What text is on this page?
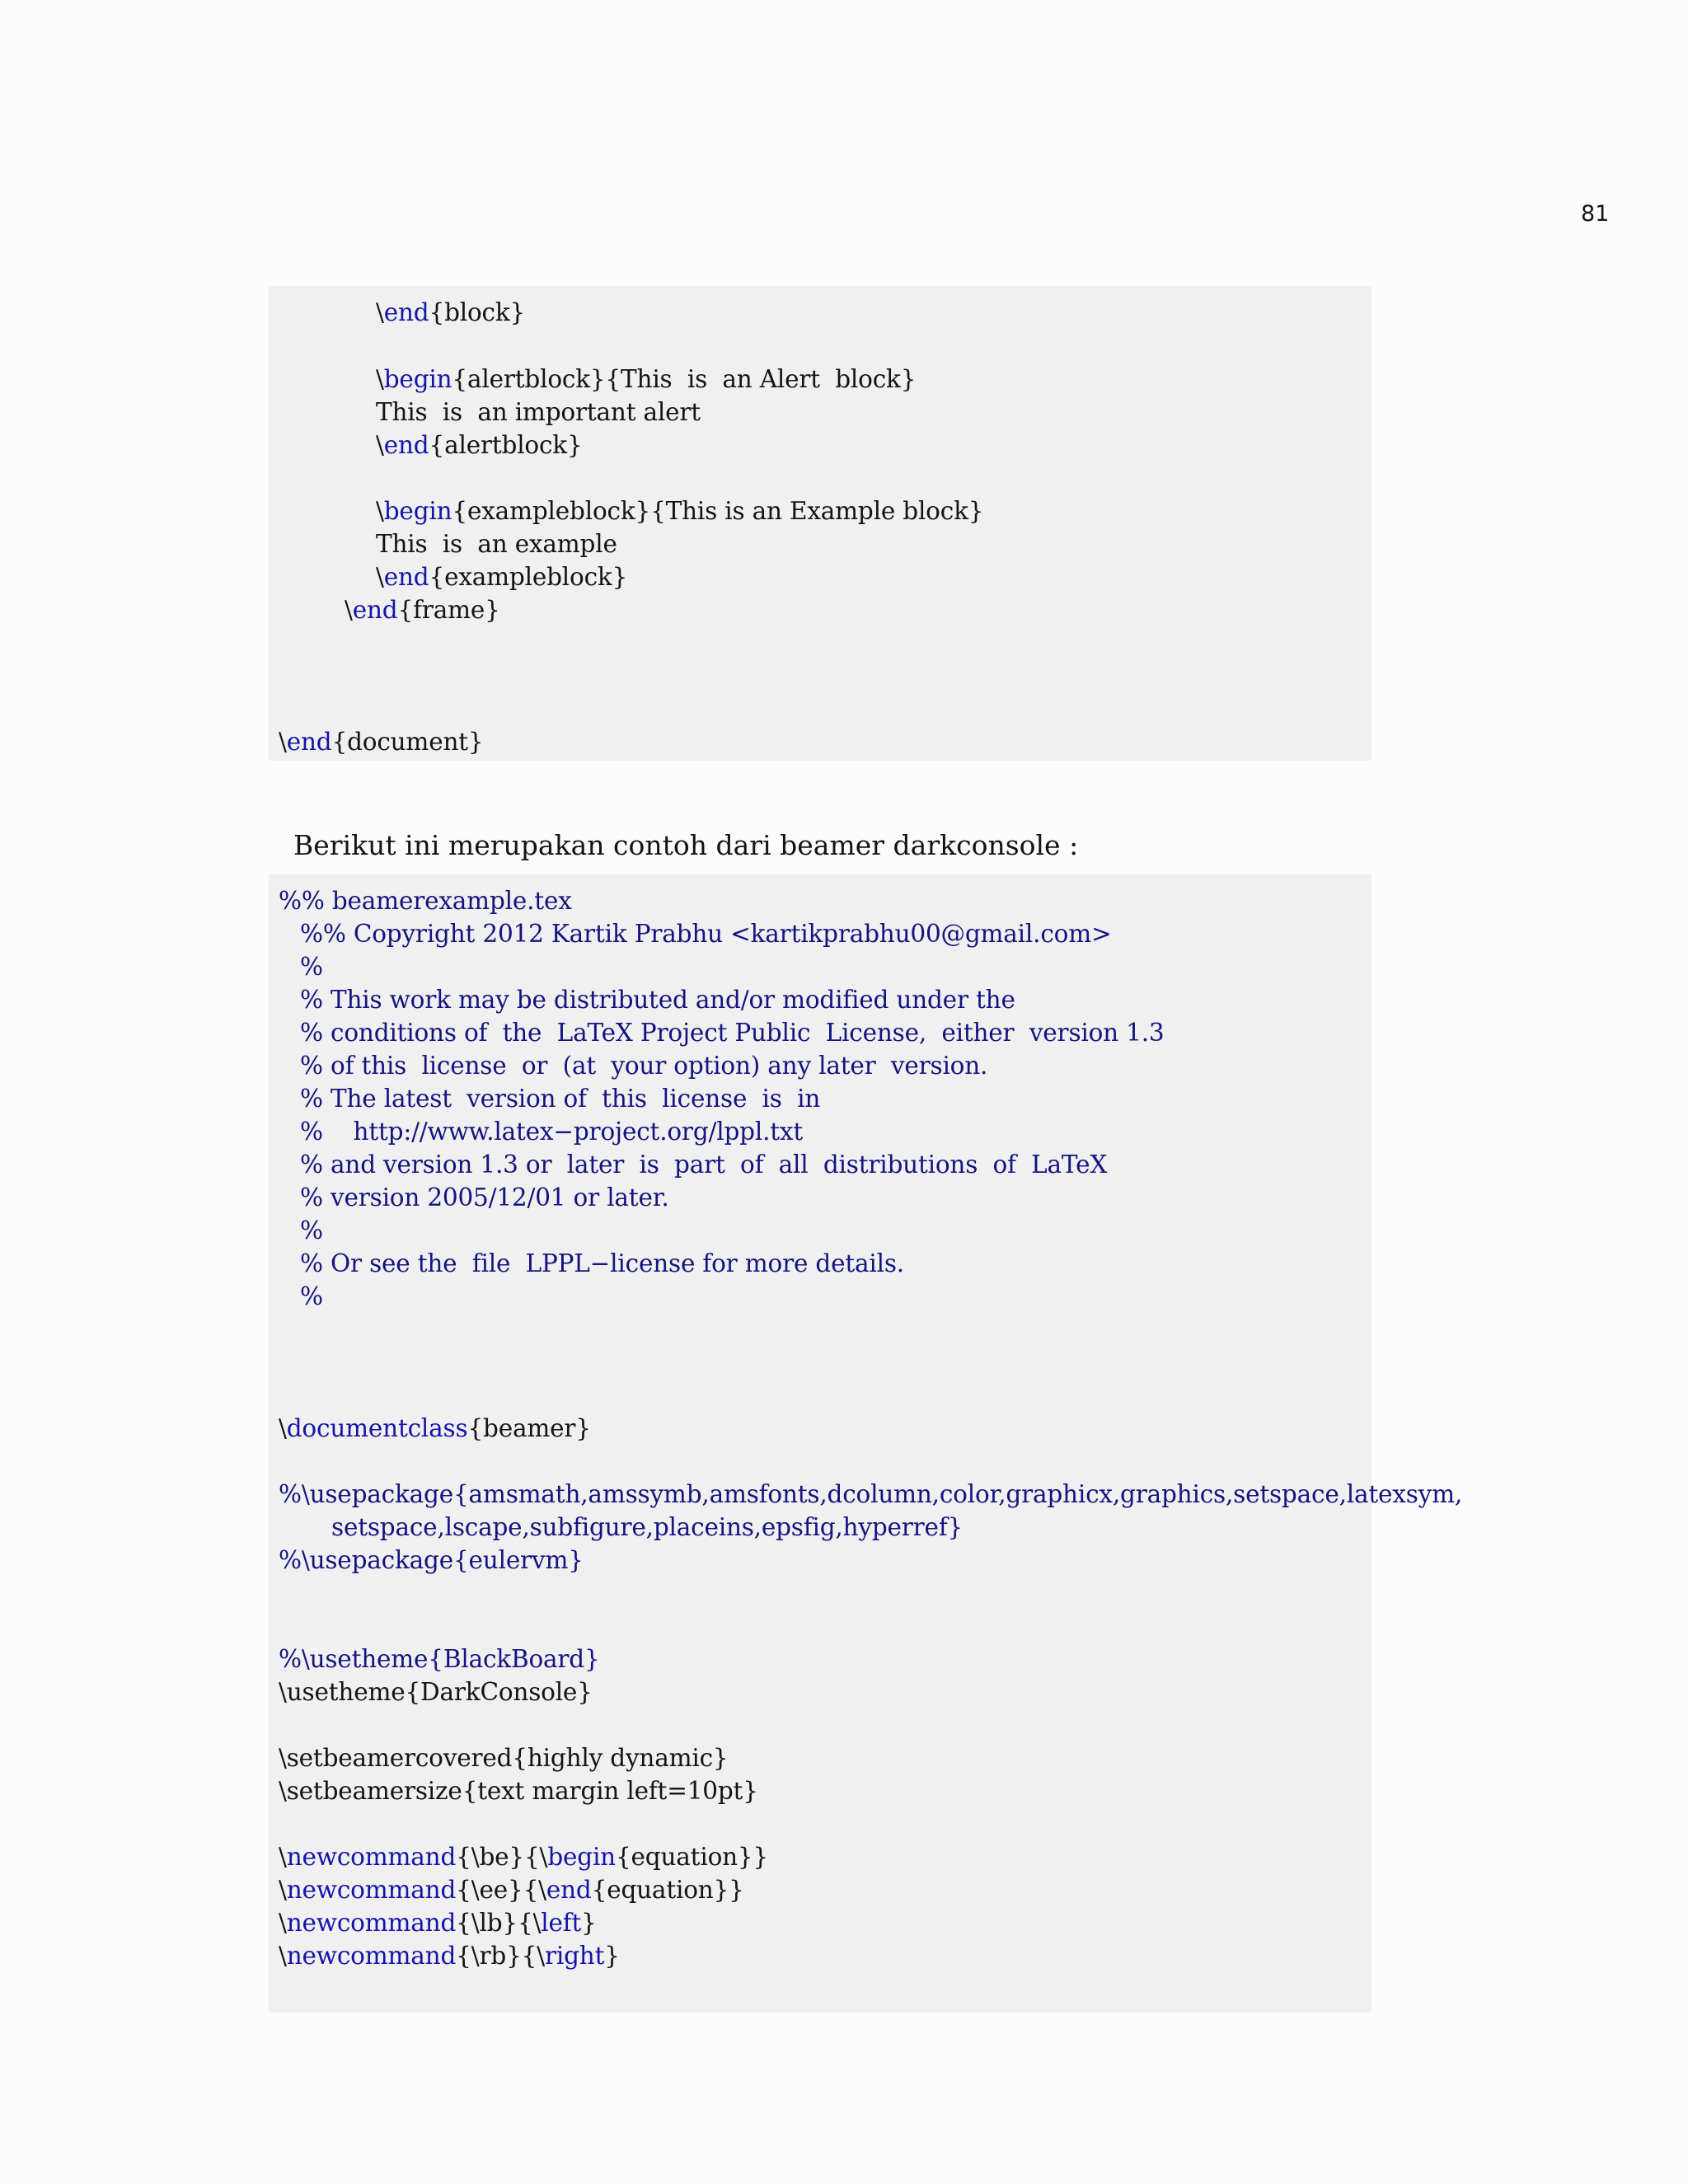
81
\end{block}
\begin{alertblock}{This  is  an Alert  block}
This  is  an important alert
\end{alertblock}
\begin{exampleblock}{This is an Example block}
This  is  an example
\end{exampleblock}
\end{frame}
\end{document}
Berikut ini merupakan contoh dari beamer darkconsole :
%% beamerexample.tex
%% Copyright 2012 Kartik Prabhu <kartikprabhu00@gmail.com>
%
% This work may be distributed and/or modified under the
% conditions of  the  LaTeX Project Public  License,  either  version 1.3
% of this  license  or  (at  your option) any later  version.
% The latest  version of  this  license  is  in
%    http://www.latex−project.org/lppl.txt
% and version 1.3 or  later  is  part  of  all  distributions  of  LaTeX
% version 2005/12/01 or later.
%
% Or see the  file  LPPL−license for more details.
%
\documentclass{beamer}
%\usepackage{amsmath,amssymb,amsfonts,dcolumn,color,graphicx,graphics,setspace,latexsym,
setspace,lscape,subfigure,placeins,epsfig,hyperref}
%\usepackage{eulervm}
%\usetheme{BlackBoard}
\usetheme{DarkConsole}
\setbeamercovered{highly dynamic}
\setbeamersize{text margin left=10pt}
\newcommand{\be}{\begin{equation}}
\newcommand{\ee}{\end{equation}}
\newcommand{\lb}{\left}
\newcommand{\rb}{\right}
